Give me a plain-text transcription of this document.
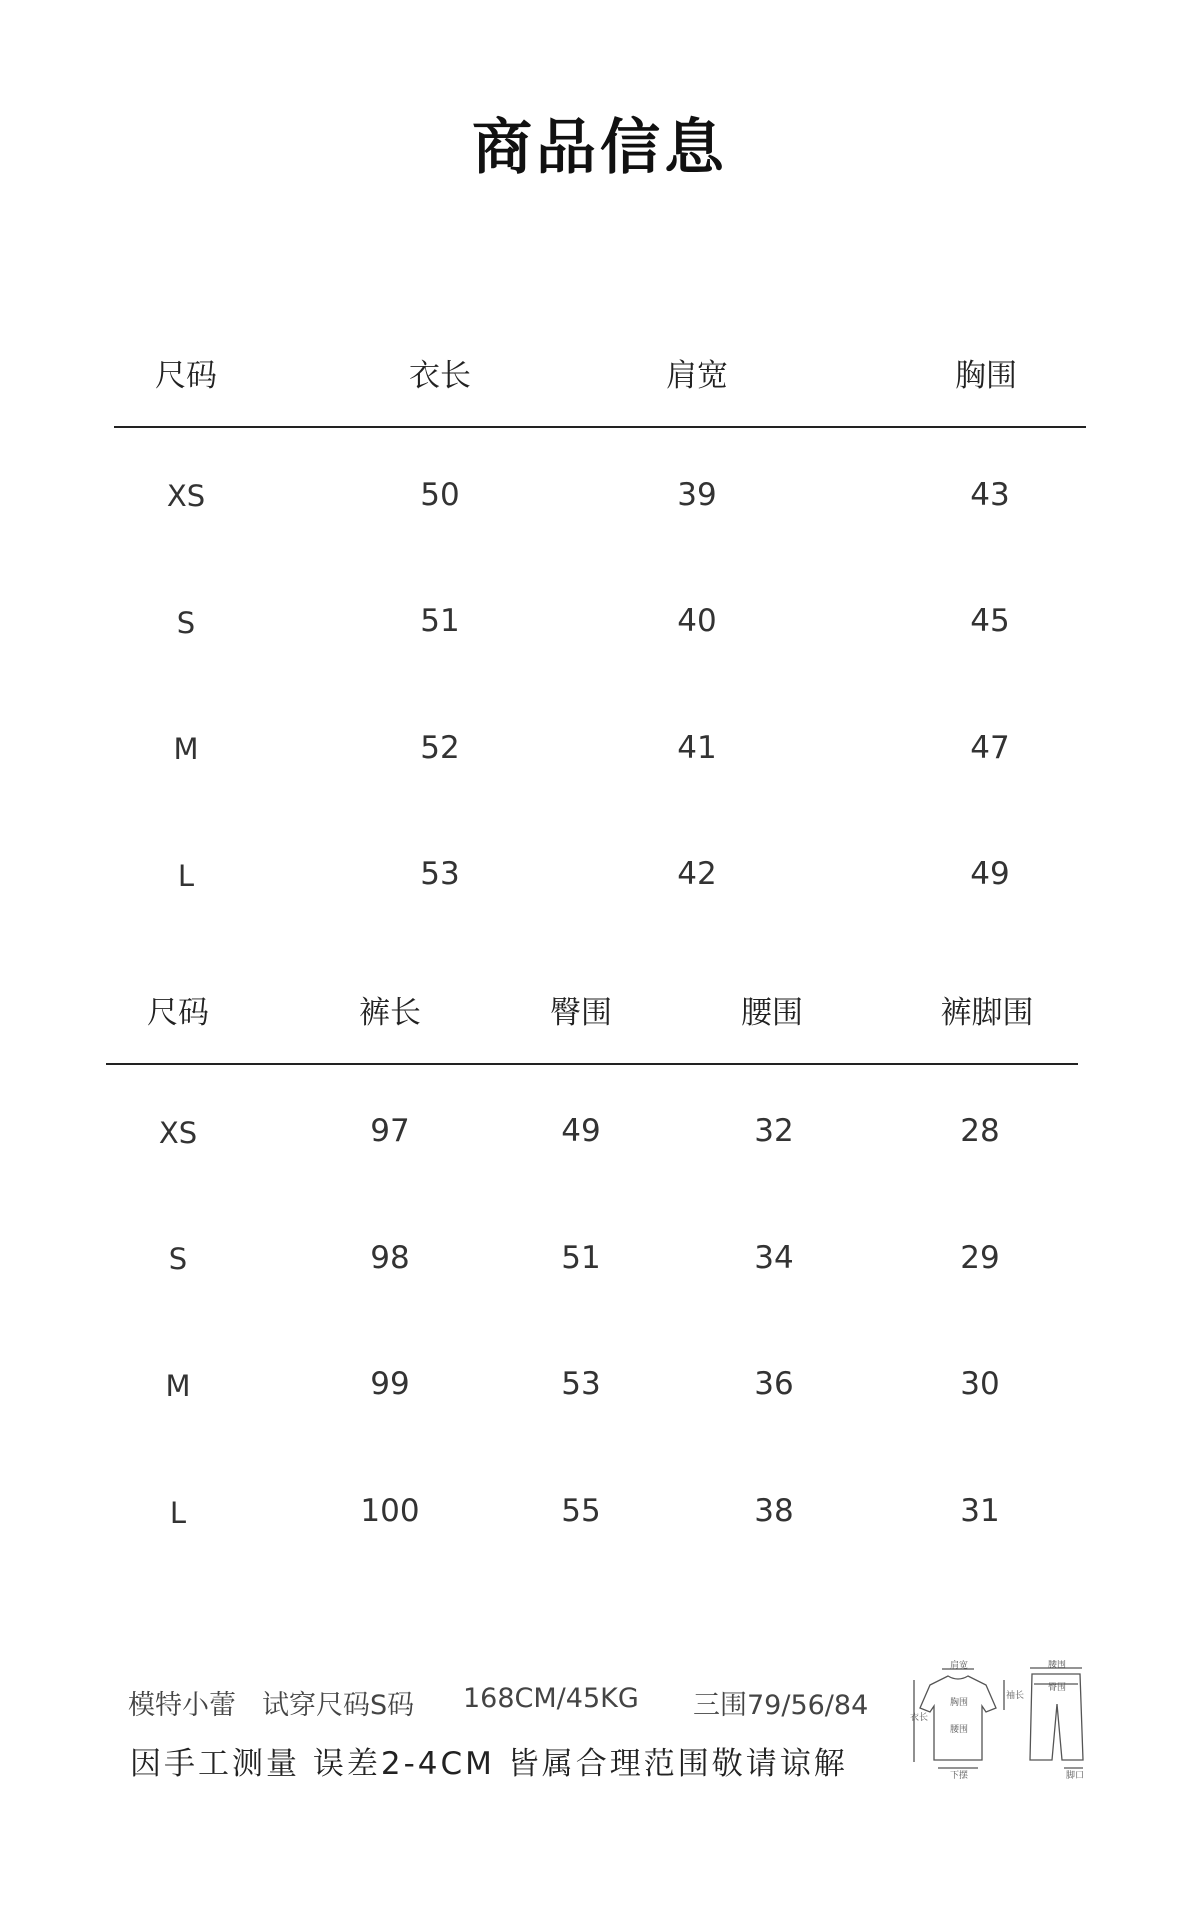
商品信息
尺码	衣长	肩宽	胸围
XS	50	39	43
S	51	40	45
M	52	41	47
L	53	42	49
尺码	裤长	臀围	腰围	裤脚围
XS	97	49	32	28
S	98	51	34	29
M	99	53	36	30
L	100	55	38	31
模特小蕾 试穿尺码S码 168CM/45KG 三围79/56/84
因手工测量 误差2-4CM 皆属合理范围敬请谅解
肩宽
胸围
腰围
衣长
下摆
袖长
腰围
臀围
脚口
